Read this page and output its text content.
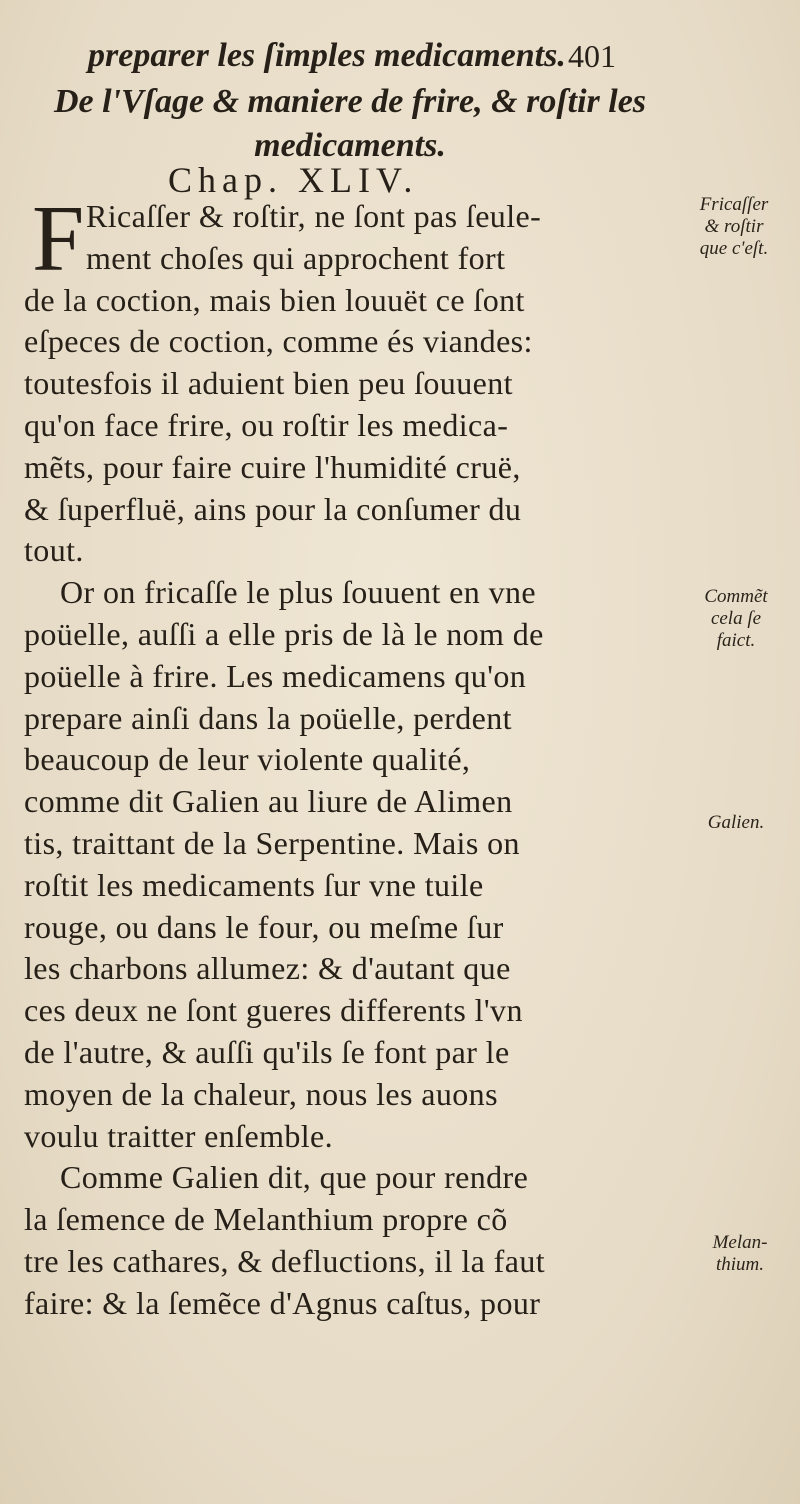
preparer les ſimples medicaments. 401
De l'Vſage & maniere de frire, & roſtir les
medicaments.
Chap. XLIV.
F Ricaſſer & roſtir, ne ſont pas ſeule-
ment choſes qui approchent fort
de la coction, mais bien louuët ce ſont
eſpeces de coction, comme és viandes:
toutesfois il aduient bien peu ſouuent
qu'on face frire, ou roſtir les medica-
mẽts, pour faire cuire l'humidité cruë,
& ſuperfluë, ains pour la conſumer du
tout.
Or on fricaſſe le plus ſouuent en vne
poüelle, auſſi a elle pris de là le nom de
poüelle à frire. Les medicamens qu'on
prepare ainſi dans la poüelle, perdent
beaucoup de leur violente qualité,
comme dit Galien au liure de Alimen
tis, traittant de la Serpentine. Mais on
roſtit les medicaments ſur vne tuile
rouge, ou dans le four, ou meſme ſur
les charbons allumez: & d'autant que
ces deux ne ſont gueres differents l'vn
de l'autre, & auſſi qu'ils ſe font par le
moyen de la chaleur, nous les auons
voulu traitter enſemble.
Comme Galien dit, que pour rendre
la ſemence de Melanthium propre cõ
tre les cathares, & defluctions, il la faut
faire: & la ſemẽce d'Agnus caſtus, pour
Fricaſſer
& roſtir
que c'eſt.
Commẽt
cela ſe
faict.
Galien.
Melan-
thium.
